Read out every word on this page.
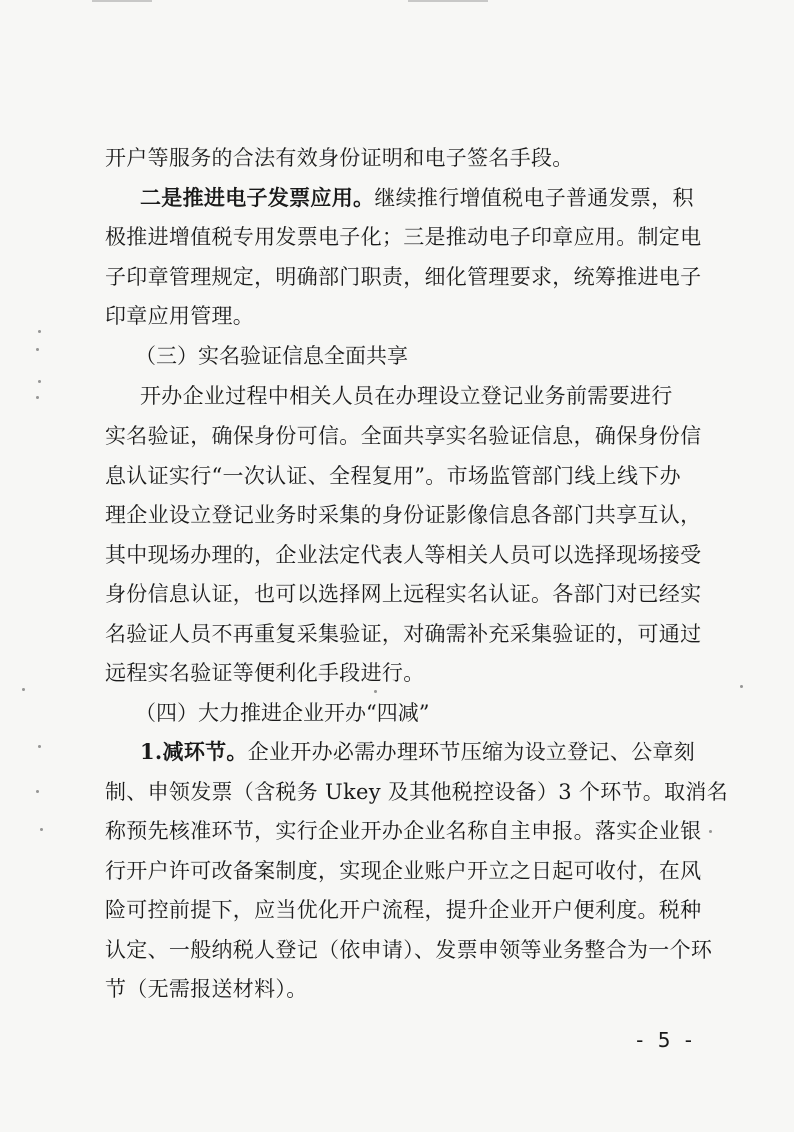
开户等服务的合法有效身份证明和电子签名手段。
二是推进电子发票应用。继续推行增值税电子普通发票，积
极推进增值税专用发票电子化；三是推动电子印章应用。制定电
子印章管理规定，明确部门职责，细化管理要求，统筹推进电子
印章应用管理。
（三）实名验证信息全面共享
开办企业过程中相关人员在办理设立登记业务前需要进行
实名验证，确保身份可信。全面共享实名验证信息，确保身份信
息认证实行“一次认证、全程复用”。市场监管部门线上线下办
理企业设立登记业务时采集的身份证影像信息各部门共享互认，
其中现场办理的，企业法定代表人等相关人员可以选择现场接受
身份信息认证，也可以选择网上远程实名认证。各部门对已经实
名验证人员不再重复采集验证，对确需补充采集验证的，可通过
远程实名验证等便利化手段进行。
（四）大力推进企业开办“四减”
1.减环节。企业开办必需办理环节压缩为设立登记、公章刻
制、申领发票（含税务 Ukey 及其他税控设备）3 个环节。取消名
称预先核准环节，实行企业开办企业名称自主申报。落实企业银
行开户许可改备案制度，实现企业账户开立之日起可收付，在风
险可控前提下，应当优化开户流程，提升企业开户便利度。税种
认定、一般纳税人登记（依申请）、发票申领等业务整合为一个环
节（无需报送材料）。
- 5 -
